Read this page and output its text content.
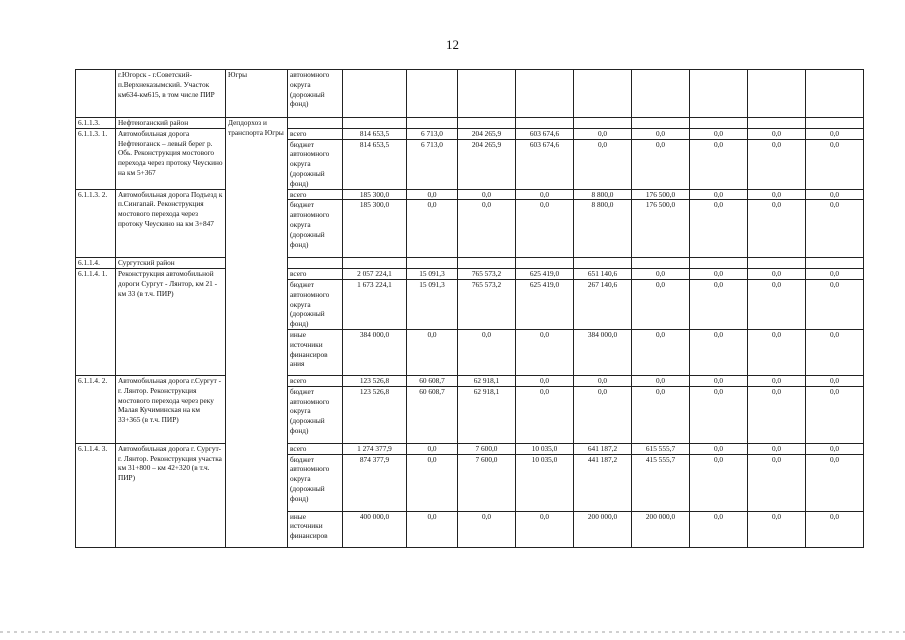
12
	г.Югорск - г.Советский-п.Верхнеказымский. Участок км634-км615, в том числе ПИР	Югры	автономного округа (дорожный фонд)									
6.1.1.3.	Нефтеюганский район	Депдорхоз и транспорта Югры										
6.1.1.3. 1.	Автомобильная дорога Нефтеюганск – левый берег р. Обь. Реконструкция мостового перехода через протоку Чеускино на км 5+367		всего	814 653,5	6 713,0	204 265,9	603 674,6	0,0	0,0	0,0	0,0	0,0
			бюджет автономного округа (дорожный фонд)	814 653,5	6 713,0	204 265,9	603 674,6	0,0	0,0	0,0	0,0	0,0
6.1.1.3. 2.	Автомобильная дорога Подъезд к п.Сингапай. Реконструкция мостового перехода через протоку Чеускино на км 3+847		всего	185 300,0	0,0	0,0	0,0	8 800,0	176 500,0	0,0	0,0	0,0
			бюджет автономного округа (дорожный фонд)	185 300,0	0,0	0,0	0,0	8 800,0	176 500,0	0,0	0,0	0,0
6.1.1.4.	Сургутский район											
6.1.1.4. 1.	Реконструкция автомобильной дороги Сургут - Лянтор, км 21 - км 33 (в т.ч. ПИР)		всего	2 057 224,1	15 091,3	765 573,2	625 419,0	651 140,6	0,0	0,0	0,0	0,0
			бюджет автономного округа (дорожный фонд)	1 673 224,1	15 091,3	765 573,2	625 419,0	267 140,6	0,0	0,0	0,0	0,0
			иные источники финансиров ания	384 000,0	0,0	0,0	0,0	384 000,0	0,0	0,0	0,0	0,0
6.1.1.4. 2.	Автомобильная дорога г.Сургут - г. Лянтор. Реконструкция мостового перехода через реку Малая Кучиминская на км 33+365 (в т.ч. ПИР)		всего	123 526,8	60 608,7	62 918,1	0,0	0,0	0,0	0,0	0,0	0,0
			бюджет автономного округа (дорожный фонд)	123 526,8	60 608,7	62 918,1	0,0	0,0	0,0	0,0	0,0	0,0
6.1.1.4. 3.	Автомобильная дорога г. Сургут-г. Лянтор. Реконструкция участка км 31+800 – км 42+320 (в т.ч. ПИР)		всего	1 274 377,9	0,0	7 600,0	10 035,0	641 187,2	615 555,7	0,0	0,0	0,0
			бюджет автономного округа (дорожный фонд)	874 377,9	0,0	7 600,0	10 035,0	441 187,2	415 555,7	0,0	0,0	0,0
			иные источники финансиров	400 000,0	0,0	0,0	0,0	200 000,0	200 000,0	0,0	0,0	0,0
